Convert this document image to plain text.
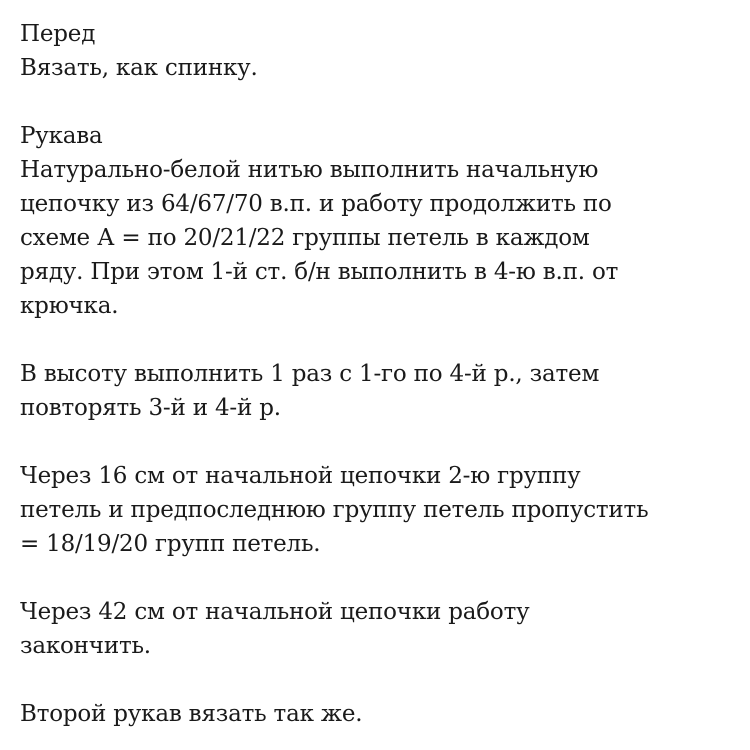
Перед
Вязать, как спинку.
Рукава
Натурально-белой нитью выполнить начальную
цепочку из 64/67/70 в.п. и работу продолжить по
схеме А = по 20/21/22 группы петель в каждом
ряду. При этом 1-й ст. б/н выполнить в 4-ю в.п. от
крючка.
В высоту выполнить 1 раз с 1-го по 4-й р., затем
повторять 3-й и 4-й р.
Через 16 см от начальной цепочки 2-ю группу
петель и предпоследнюю группу петель пропустить
= 18/19/20 групп петель.
Через 42 см от начальной цепочки работу
закончить.
Второй рукав вязать так же.
